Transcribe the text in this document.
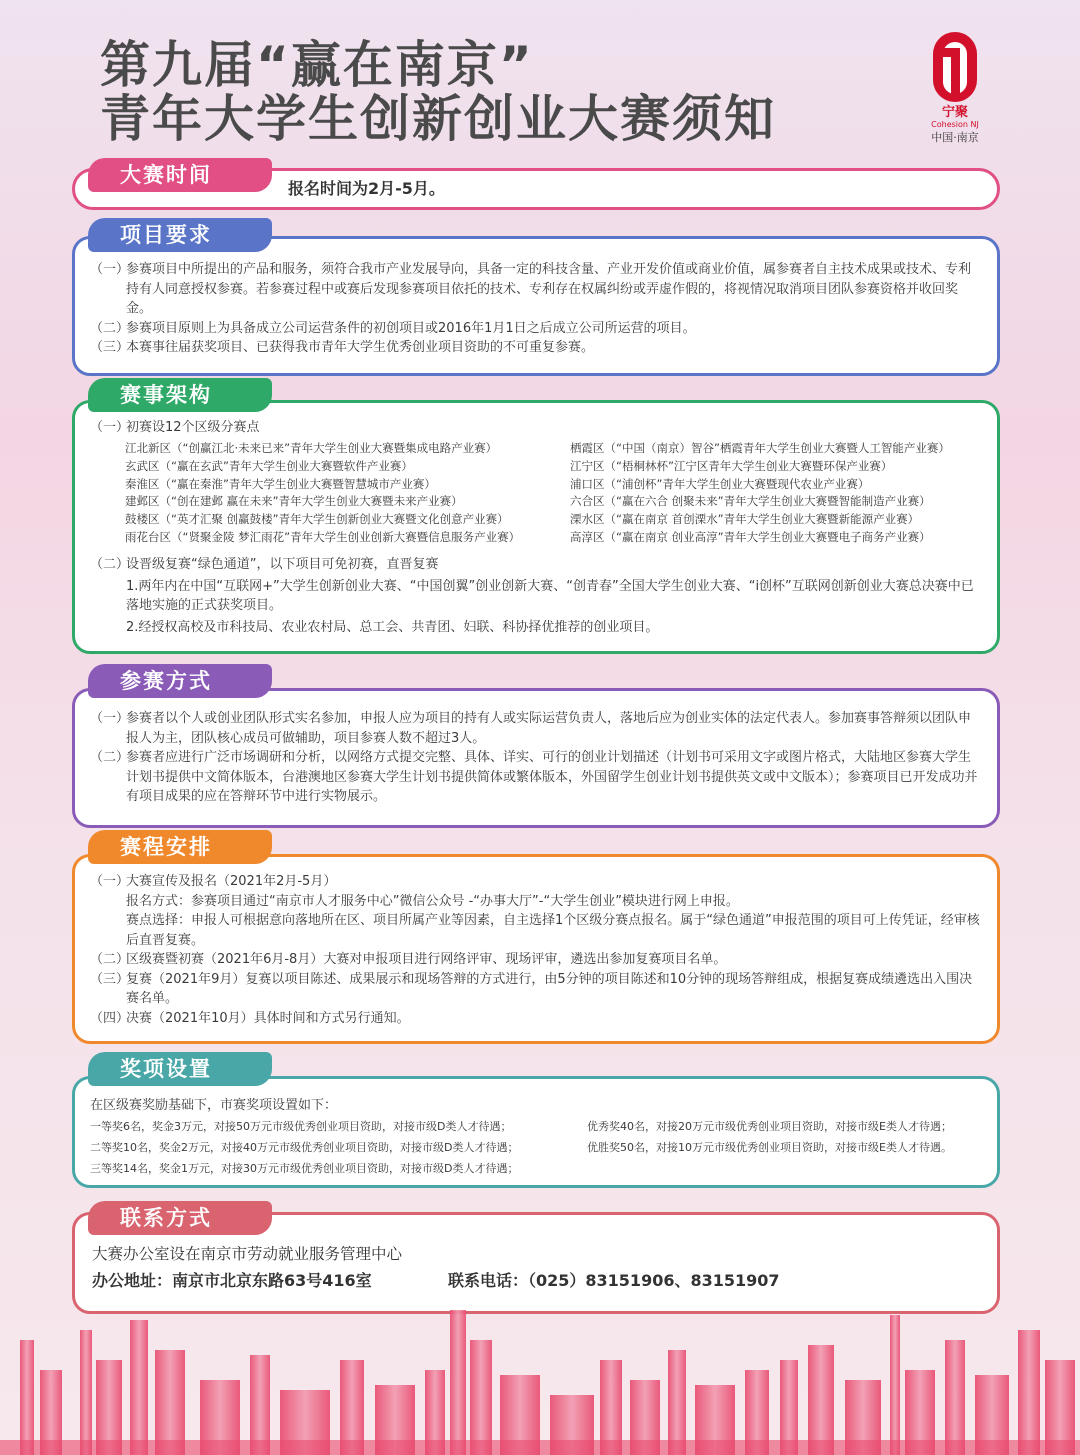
第九届“赢在南京”
青年大学生创新创业大赛须知	宁聚
Cohesion NJ
中国·南京
大赛时间
报名时间为2月-5月。
项目要求
（一）
参赛项目中所提出的产品和服务，须符合我市产业发展导向，具备一定的科技含量、产业开发价值或商业价值，属参赛者自主技术成果或技术、专利持有人同意授权参赛。若参赛过程中或赛后发现参赛项目依托的技术、专利存在权属纠纷或弄虚作假的，将视情况取消项目团队参赛资格并收回奖金。
（二）
参赛项目原则上为具备成立公司运营条件的初创项目或2016年1月1日之后成立公司所运营的项目。
（三）
本赛事往届获奖项目、已获得我市青年大学生优秀创业项目资助的不可重复参赛。
赛事架构
（一）
初赛设12个区级分赛点
江北新区（“创赢江北·未来已来”青年大学生创业大赛暨集成电路产业赛）
玄武区（“赢在玄武”青年大学生创业大赛暨软件产业赛）
秦淮区（“赢在秦淮”青年大学生创业大赛暨智慧城市产业赛）
建邺区（“创在建邺 赢在未来”青年大学生创业大赛暨未来产业赛）
鼓楼区（“英才汇聚 创赢鼓楼”青年大学生创新创业大赛暨文化创意产业赛）
雨花台区（“贤聚金陵 梦汇雨花”青年大学生创业创新大赛暨信息服务产业赛）
栖霞区（“中国（南京）智谷”栖霞青年大学生创业大赛暨人工智能产业赛）
江宁区（“梧桐林杯”江宁区青年大学生创业大赛暨环保产业赛）
浦口区（“浦创杯”青年大学生创业大赛暨现代农业产业赛）
六合区（“赢在六合 创聚未来”青年大学生创业大赛暨智能制造产业赛）
溧水区（“赢在南京 首创溧水”青年大学生创业大赛暨新能源产业赛）
高淳区（“赢在南京 创业高淳”青年大学生创业大赛暨电子商务产业赛）
（二）
设晋级复赛“绿色通道”，以下项目可免初赛，直晋复赛
1.两年内在中国“互联网+”大学生创新创业大赛、“中国创翼”创业创新大赛、“创青春”全国大学生创业大赛、“i创杯”互联网创新创业大赛总决赛中已落地实施的正式获奖项目。
2.经授权高校及市科技局、农业农村局、总工会、共青团、妇联、科协择优推荐的创业项目。
参赛方式
（一）
参赛者以个人或创业团队形式实名参加，申报人应为项目的持有人或实际运营负责人，落地后应为创业实体的法定代表人。参加赛事答辩须以团队申报人为主，团队核心成员可做辅助，项目参赛人数不超过3人。
（二）
参赛者应进行广泛市场调研和分析，以网络方式提交完整、具体、详实、可行的创业计划描述（计划书可采用文字或图片格式，大陆地区参赛大学生计划书提供中文简体版本，台港澳地区参赛大学生计划书提供简体或繁体版本，外国留学生创业计划书提供英文或中文版本）；参赛项目已开发成功并有项目成果的应在答辩环节中进行实物展示。
赛程安排
（一）
大赛宣传及报名（2021年2月-5月）
报名方式：参赛项目通过“南京市人才服务中心”微信公众号 -“办事大厅”-“大学生创业”模块进行网上申报。
赛点选择：申报人可根据意向落地所在区、项目所属产业等因素，自主选择1个区级分赛点报名。属于“绿色通道”申报范围的项目可上传凭证，经审核后直晋复赛。
（二）
区级赛暨初赛（2021年6月-8月）大赛对申报项目进行网络评审、现场评审，遴选出参加复赛项目名单。
（三）
复赛（2021年9月）复赛以项目陈述、成果展示和现场答辩的方式进行，由5分钟的项目陈述和10分钟的现场答辩组成，根据复赛成绩遴选出入围决赛名单。
（四）
决赛（2021年10月）具体时间和方式另行通知。
奖项设置
在区级赛奖励基础下，市赛奖项设置如下：
一等奖6名，奖金3万元，对接50万元市级优秀创业项目资助，对接市级D类人才待遇；
二等奖10名，奖金2万元，对接40万元市级优秀创业项目资助，对接市级D类人才待遇；
三等奖14名，奖金1万元，对接30万元市级优秀创业项目资助，对接市级D类人才待遇；
优秀奖40名，对接20万元市级优秀创业项目资助，对接市级E类人才待遇；
优胜奖50名，对接10万元市级优秀创业项目资助，对接市级E类人才待遇。
联系方式
大赛办公室设在南京市劳动就业服务管理中心
办公地址：南京市北京东路63号416室	联系电话：（025）83151906、83151907
